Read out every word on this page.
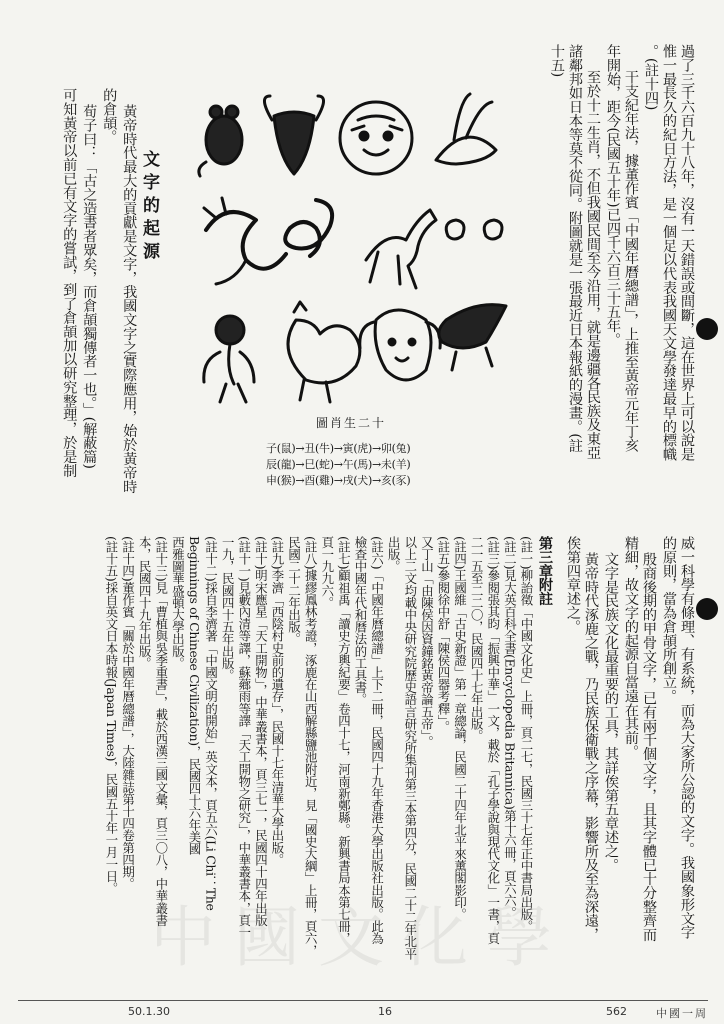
過了三千六百九十八年，沒有一天錯誤或間斷，這在世界上可以說是
惟一最長久的紀日方法，是一個足以代表我國天文學發達最早的標幟
。(註十四)
干支紀年法，據董作賓「中國年曆總譜」，上推至黃帝元年丁亥
年開始，距今(民國五十年)已四千六百三十五年。
至於十二生肖，不但我國民間至今沿用，就是邊疆各民族及東亞
諸鄰邦如日本等莫不從同。附圖就是一張最近日本報紙的漫畫。(註
十五)
圖肖生二十
子(鼠)→丑(牛)→寅(虎)→卯(兔)
辰(龍)→巳(蛇)→午(馬)→未(羊)
申(猴)→酉(雞)→戌(犬)→亥(豕)
文字的起源
黃帝時代最大的貢獻是文字，我國文字之實際應用，始於黃帝時
的倉頡。
荀子曰：「古之造書者眾矣，而倉頡獨傳者一也。」(解蔽篇)
可知黃帝以前已有文字的嘗試，到了倉頡加以研究整理，於是制
威一科學有條理、有系統，而為大家所公認的文字。我國象形文字
的原則，當為倉頡所創立。
殷商後期的甲骨文字，已有兩千個文字，且其字體已十分整齊而
精細，故文字的起源自當遠在其前。
文字是民族文化最重要的工具，其詳俟第五章述之。
黃帝時代涿鹿之戰，乃民族保衛戰之序幕，影響所及至為深遠，
俟第四章述之。
第三章附註
(註一)柳詒徵「中國文化史」上冊，頁二七，民國三十七年正中書局出版。
(註二)見大英百科全書(Encyclopedia Britannica)第十六冊，頁六六。
(註三)參閱張其昀「振興中華」一文，載於「孔子學說與現代文化」一書，頁
二一五至二二〇，民國四十七年出版。
(註四)王國維「古史新證」第一章總論，民國二十四年北平來薰閣影印。
(註五)參閱徐中舒「陳侯四器考釋」。
又丁山「由陳侯因資鐘銘黃帝論五帝」。
以上二文均載中央研究院歷史語言研究所集刊第三本第四分，民國二十二年北平
出版。
(註六)「中國年曆總譜」上下二冊，民國四十九年香港大學出版社出版。此為
檢查中國年代和曆法的工具書。
(註七)顧祖禹「讀史方輿紀要」卷四十七，河南新鄭縣。新興書局本第七冊，
頁一九九六。
(註八)據繆鳳林考證，涿鹿在山西解縣鹽池附近，見「國史大綱」上冊，頁六，
民國二十二年出版。
(註九)李濟「西陰村史前的遺存」，民國十七年清華大學出版。
(註十)明宋應星「天工開物」，中華叢書本，頁三七一，民國四十四年出版
(註十一)見藪內清等譯，蘇薌雨等譯「天工開物之研究」，中華叢書本，頁一
一九，民國四十五年出版。
(註十二)採自李濟著「中國文明的開始」英文本，頁五六(Li Chi：The
Beginnings of Chinese Civilization)，民國四十六年美國
西雅圖華盛頓大學出版。
(註十三)見「曹植與吳季重書」，載於西漢三國文彙，頁三〇八，中華叢書
本，民國四十九年出版。
(註十四)董作賓「關於中國年曆總譜」，大陸雜誌第十四卷第四期。
(註十五)採自英文日本時報(Japan Times)，民國五十年一月一日。
中國文化學
50.1.30	16	562	中國一周
